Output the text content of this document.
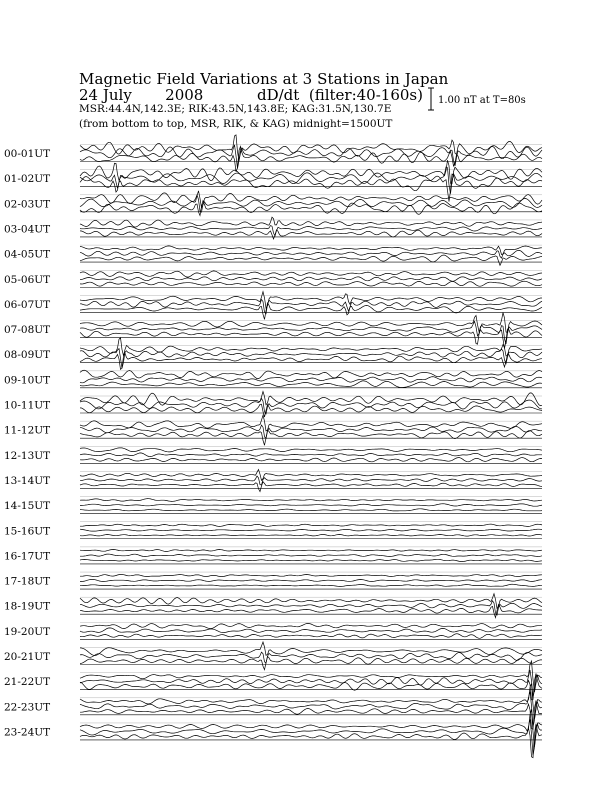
Magnetic Field Variations at 3 Stations in Japan
24 July       2008	dD/dt (filter:40-160s)
MSR:44.4N,142.3E; RIK:43.5N,143.8E; KAG:31.5N,130.7E
(from bottom to top, MSR, RIK, & KAG) midnight=1500UT
1.00 nT at T=80s
00-01UT
01-02UT
02-03UT
03-04UT
04-05UT
05-06UT
06-07UT
07-08UT
08-09UT
09-10UT
10-11UT
11-12UT
12-13UT
13-14UT
14-15UT
15-16UT
16-17UT
17-18UT
18-19UT
19-20UT
20-21UT
21-22UT
22-23UT
23-24UT
